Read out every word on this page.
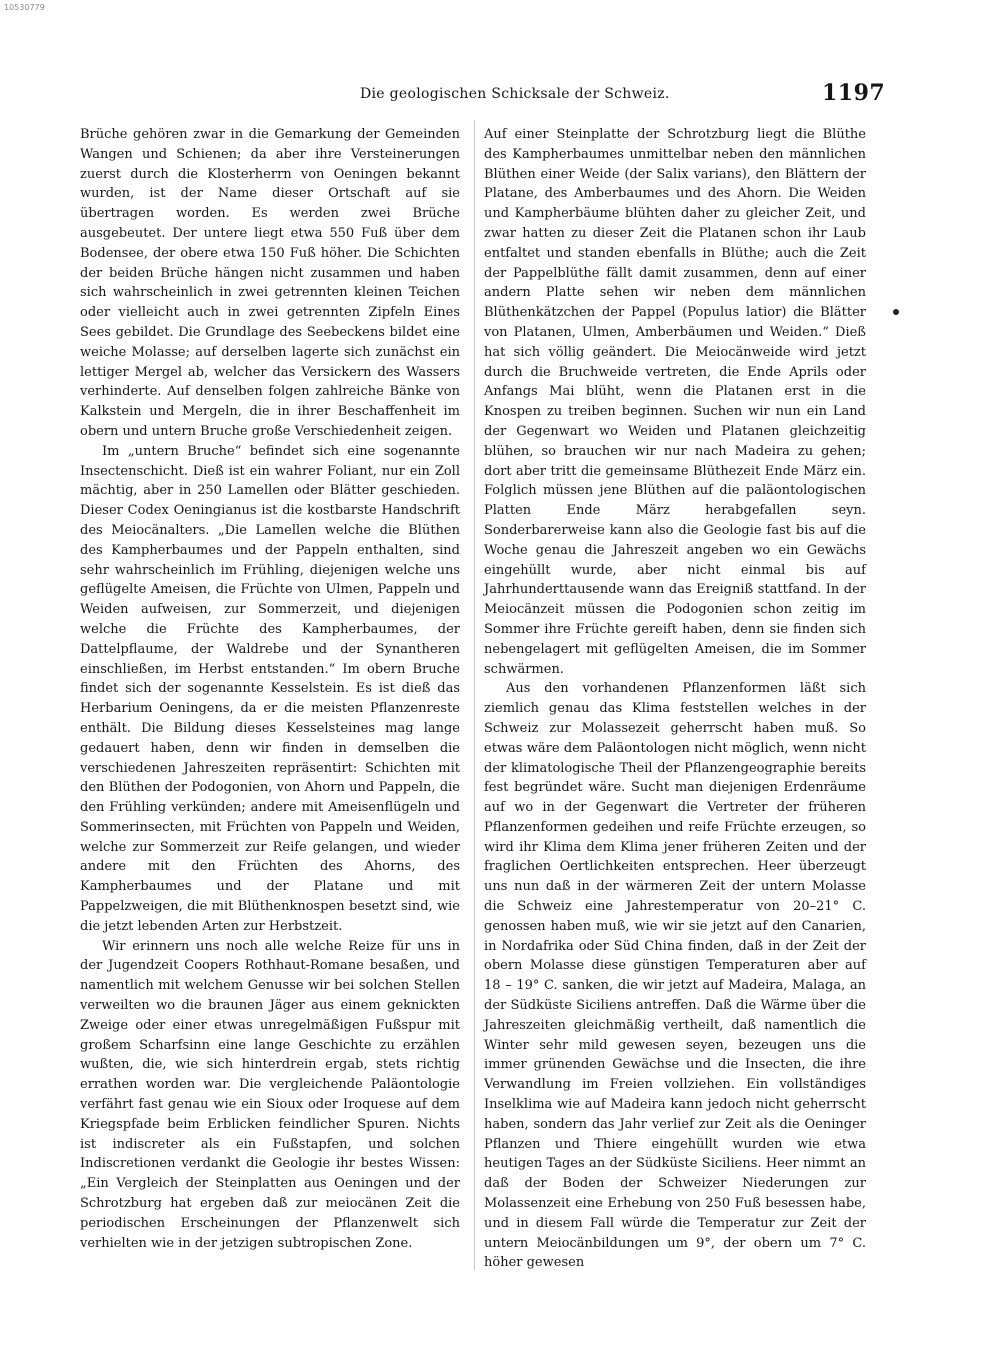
10530779
Die geologischen Schicksale der Schweiz.	1197

Brüche gehören zwar in die Gemarkung der Gemeinden Wangen und Schienen; da aber ihre Versteinerungen zuerst durch die Klosterherrn von Oeningen bekannt wurden, ist der Name dieser Ortschaft auf sie übertragen worden. Es werden zwei Brüche ausgebeutet. Der untere liegt etwa 550 Fuß über dem Bodensee, der obere etwa 150 Fuß höher. Die Schichten der beiden Brüche hängen nicht zusammen und haben sich wahrscheinlich in zwei getrennten kleinen Teichen oder vielleicht auch in zwei getrennten Zipfeln Eines Sees gebildet. Die Grundlage des Seebeckens bildet eine weiche Molasse; auf derselben lagerte sich zunächst ein lettiger Mergel ab, welcher das Versickern des Wassers verhinderte. Auf denselben folgen zahlreiche Bänke von Kalkstein und Mergeln, die in ihrer Beschaffenheit im obern und untern Bruche große Verschiedenheit zeigen.

Im „untern Bruche“ befindet sich eine sogenannte Insectenschicht. Dieß ist ein wahrer Foliant, nur ein Zoll mächtig, aber in 250 Lamellen oder Blätter geschieden. Dieser Codex Oeningianus ist die kostbarste Handschrift des Meiocänalters. „Die Lamellen welche die Blüthen des Kampherbaumes und der Pappeln enthalten, sind sehr wahrscheinlich im Frühling, diejenigen welche uns geflügelte Ameisen, die Früchte von Ulmen, Pappeln und Weiden aufweisen, zur Sommerzeit, und diejenigen welche die Früchte des Kampherbaumes, der Dattelpflaume, der Waldrebe und der Synantheren einschließen, im Herbst entstanden.“ Im obern Bruche findet sich der sogenannte Kesselstein. Es ist dieß das Herbarium Oeningens, da er die meisten Pflanzenreste enthält. Die Bildung dieses Kesselsteines mag lange gedauert haben, denn wir finden in demselben die verschiedenen Jahreszeiten repräsentirt: Schichten mit den Blüthen der Podogonien, von Ahorn und Pappeln, die den Frühling verkünden; andere mit Ameisenflügeln und Sommerinsecten, mit Früchten von Pappeln und Weiden, welche zur Sommerzeit zur Reife gelangen, und wieder andere mit den Früchten des Ahorns, des Kampherbaumes und der Platane und mit Pappelzweigen, die mit Blüthenknospen besetzt sind, wie die jetzt lebenden Arten zur Herbstzeit.

Wir erinnern uns noch alle welche Reize für uns in der Jugendzeit Coopers Rothhaut-Romane besaßen, und namentlich mit welchem Genusse wir bei solchen Stellen verweilten wo die braunen Jäger aus einem geknickten Zweige oder einer etwas unregelmäßigen Fußspur mit großem Scharfsinn eine lange Geschichte zu erzählen wußten, die, wie sich hinterdrein ergab, stets richtig errathen worden war. Die vergleichende Paläontologie verfährt fast genau wie ein Sioux oder Iroquese auf dem Kriegspfade beim Erblicken feindlicher Spuren. Nichts ist indiscreter als ein Fußstapfen, und solchen Indiscretionen verdankt die Geologie ihr bestes Wissen: „Ein Vergleich der Steinplatten aus Oeningen und der Schrotzburg hat ergeben daß zur meiocänen Zeit die periodischen Erscheinungen der Pflanzenwelt sich verhielten wie in der jetzigen subtropischen Zone.

Auf einer Steinplatte der Schrotzburg liegt die Blüthe des Kampherbaumes unmittelbar neben den männlichen Blüthen einer Weide (der Salix varians), den Blättern der Platane, des Amberbaumes und des Ahorn. Die Weiden und Kampherbäume blühten daher zu gleicher Zeit, und zwar hatten zu dieser Zeit die Platanen schon ihr Laub entfaltet und standen ebenfalls in Blüthe; auch die Zeit der Pappelblüthe fällt damit zusammen, denn auf einer andern Platte sehen wir neben dem männlichen Blüthenkätzchen der Pappel (Populus latior) die Blätter von Platanen, Ulmen, Amberbäumen und Weiden.“ Dieß hat sich völlig geändert. Die Meiocänweide wird jetzt durch die Bruchweide vertreten, die Ende Aprils oder Anfangs Mai blüht, wenn die Platanen erst in die Knospen zu treiben beginnen. Suchen wir nun ein Land der Gegenwart wo Weiden und Platanen gleichzeitig blühen, so brauchen wir nur nach Madeira zu gehen; dort aber tritt die gemeinsame Blüthezeit Ende März ein. Folglich müssen jene Blüthen auf die paläontologischen Platten Ende März herabgefallen seyn. Sonderbarerweise kann also die Geologie fast bis auf die Woche genau die Jahreszeit angeben wo ein Gewächs eingehüllt wurde, aber nicht einmal bis auf Jahrhunderttausende wann das Ereigniß stattfand. In der Meiocänzeit müssen die Podogonien schon zeitig im Sommer ihre Früchte gereift haben, denn sie finden sich nebengelagert mit geflügelten Ameisen, die im Sommer schwärmen.

Aus den vorhandenen Pflanzenformen läßt sich ziemlich genau das Klima feststellen welches in der Schweiz zur Molassezeit geherrscht haben muß. So etwas wäre dem Paläontologen nicht möglich, wenn nicht der klimatologische Theil der Pflanzengeographie bereits fest begründet wäre. Sucht man diejenigen Erdenräume auf wo in der Gegenwart die Vertreter der früheren Pflanzenformen gedeihen und reife Früchte erzeugen, so wird ihr Klima dem Klima jener früheren Zeiten und der fraglichen Oertlichkeiten entsprechen. Heer überzeugt uns nun daß in der wärmeren Zeit der untern Molasse die Schweiz eine Jahrestemperatur von 20–21° C. genossen haben muß, wie wir sie jetzt auf den Canarien, in Nordafrika oder Süd China finden, daß in der Zeit der obern Molasse diese günstigen Temperaturen aber auf 18 – 19° C. sanken, die wir jetzt auf Madeira, Malaga, an der Südküste Siciliens antreffen. Daß die Wärme über die Jahreszeiten gleichmäßig vertheilt, daß namentlich die Winter sehr mild gewesen seyen, bezeugen uns die immer grünenden Gewächse und die Insecten, die ihre Verwandlung im Freien vollziehen. Ein vollständiges Inselklima wie auf Madeira kann jedoch nicht geherrscht haben, sondern das Jahr verlief zur Zeit als die Oeninger Pflanzen und Thiere eingehüllt wurden wie etwa heutigen Tages an der Südküste Siciliens. Heer nimmt an daß der Boden der Schweizer Niederungen zur Molassenzeit eine Erhebung von 250 Fuß besessen habe, und in diesem Fall würde die Temperatur zur Zeit der untern Meiocänbildungen um 9°, der obern um 7° C. höher gewesen
